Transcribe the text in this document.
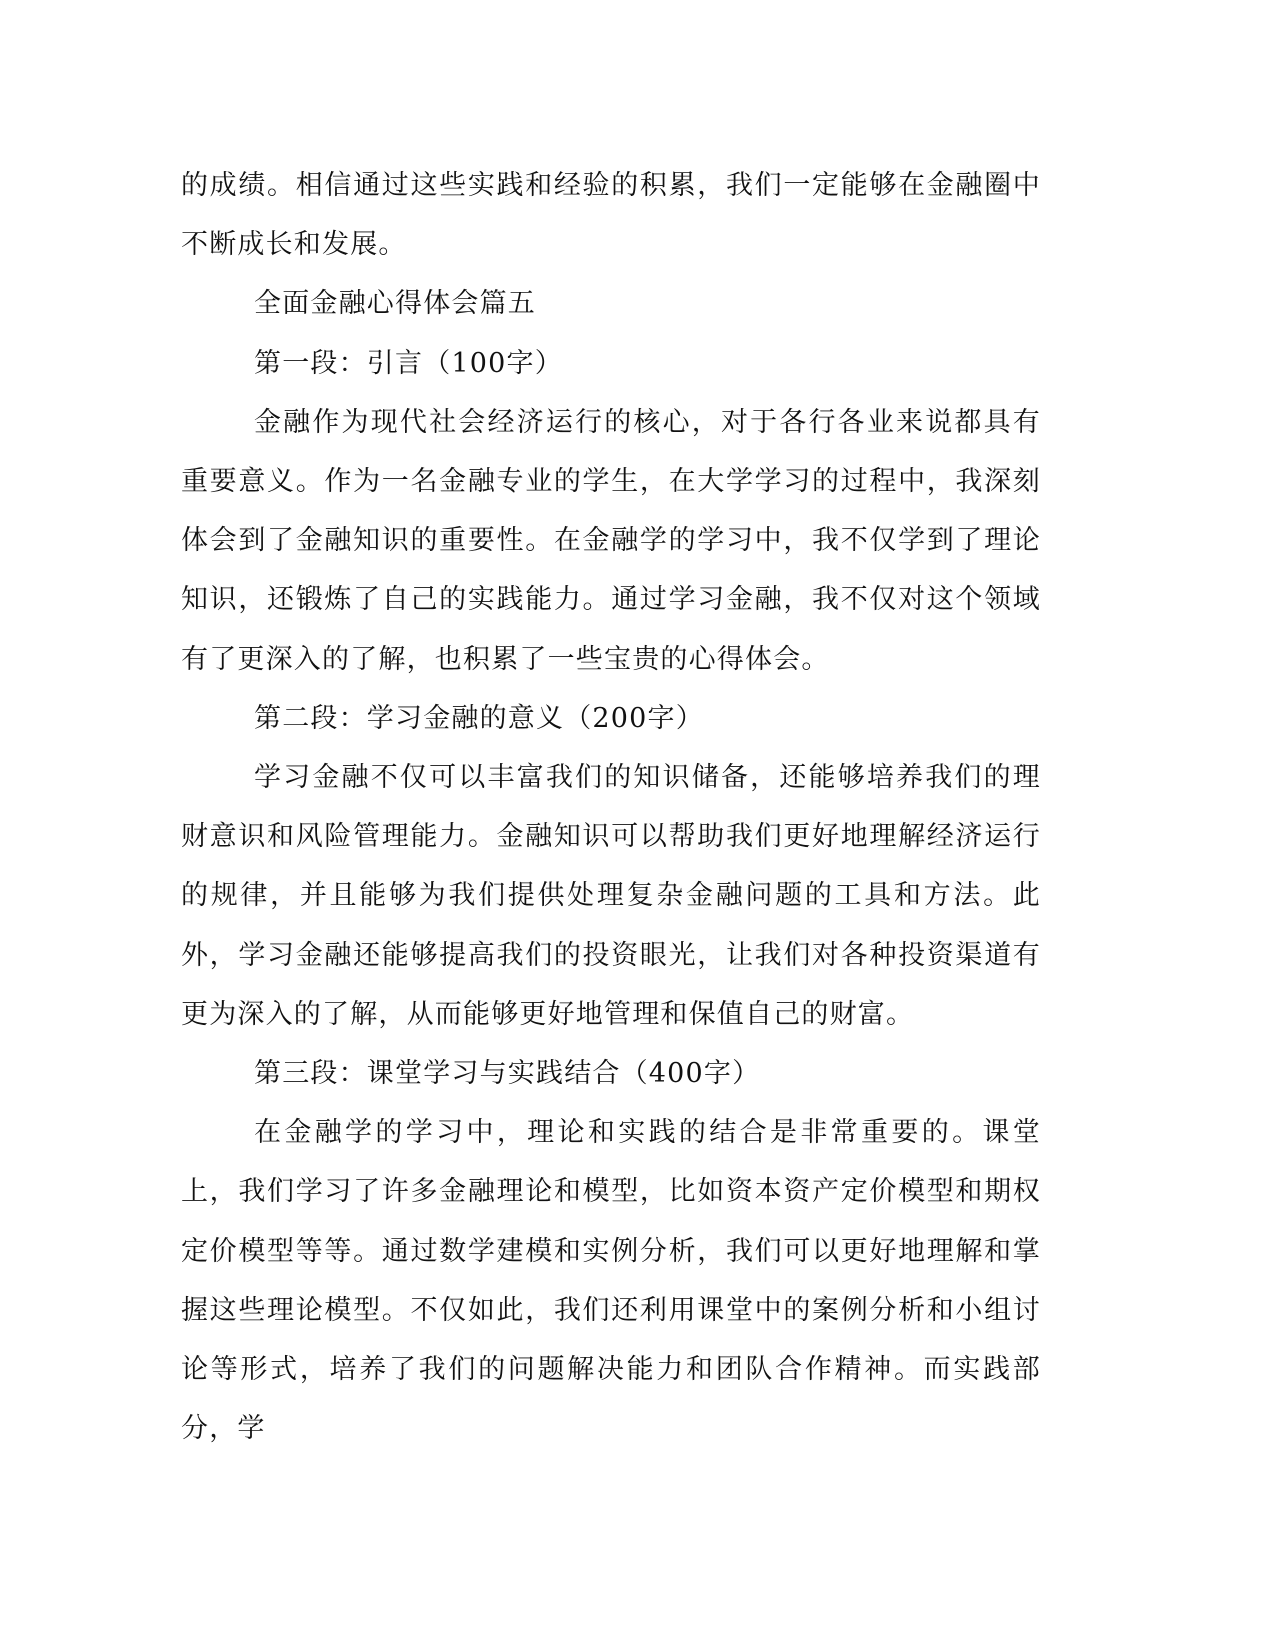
的成绩。相信通过这些实践和经验的积累，我们一定能够在金融圈中不断成长和发展。

全面金融心得体会篇五

第一段：引言（100字）

金融作为现代社会经济运行的核心，对于各行各业来说都具有重要意义。作为一名金融专业的学生，在大学学习的过程中，我深刻体会到了金融知识的重要性。在金融学的学习中，我不仅学到了理论知识，还锻炼了自己的实践能力。通过学习金融，我不仅对这个领域有了更深入的了解，也积累了一些宝贵的心得体会。

第二段：学习金融的意义（200字）

学习金融不仅可以丰富我们的知识储备，还能够培养我们的理财意识和风险管理能力。金融知识可以帮助我们更好地理解经济运行的规律，并且能够为我们提供处理复杂金融问题的工具和方法。此外，学习金融还能够提高我们的投资眼光，让我们对各种投资渠道有更为深入的了解，从而能够更好地管理和保值自己的财富。

第三段：课堂学习与实践结合（400字）

在金融学的学习中，理论和实践的结合是非常重要的。课堂上，我们学习了许多金融理论和模型，比如资本资产定价模型和期权定价模型等等。通过数学建模和实例分析，我们可以更好地理解和掌握这些理论模型。不仅如此，我们还利用课堂中的案例分析和小组讨论等形式，培养了我们的问题解决能力和团队合作精神。而实践部分，学
